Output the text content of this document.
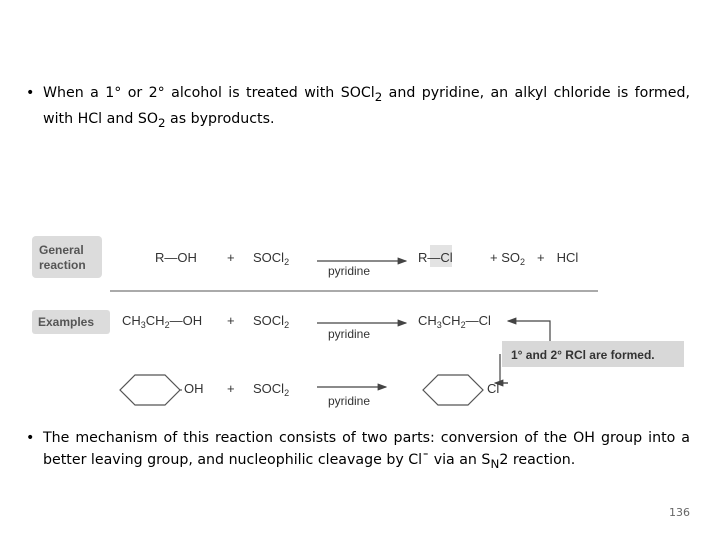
• When a 1° or 2° alcohol is treated with SOCl$_2$ and pyridine, an alkyl chloride is formed, with HCl and $SO_2$ as byproducts.
General
reaction	R—OH + SOCl$_2$
pyridine
R—Cl	+ $SO_2$ + HCl
Examples $CH_3CH_2—OH$ + SOCl$_2$
pyridine
$CH_3CH_2—Cl$
1° and 2° RCl are formed.
OH + SOCl$_2$
pyridine
Cl
• The mechanism of this reaction consists of two parts: conversion of the OH group into a better leaving group, and nucleophilic cleavage by Cl¯ via an $S_N2$ reaction.
136
